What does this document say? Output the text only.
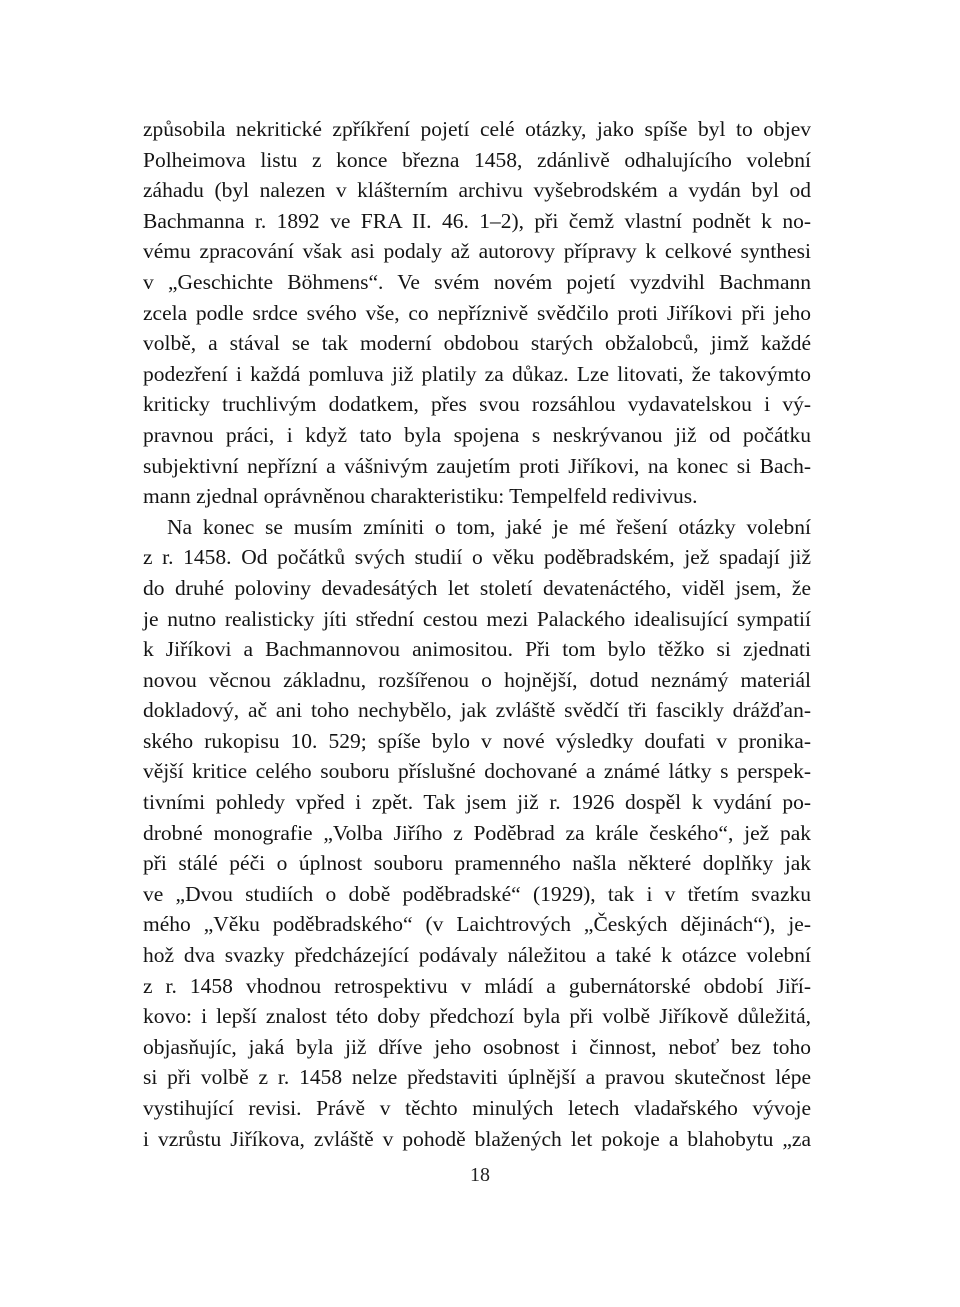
způsobila nekritické zpříkření pojetí celé otázky, jako spíše byl to objev
Polheimova listu z konce března 1458, zdánlivě odhalujícího volební
záhadu (byl nalezen v klášterním archivu vyšebrodském a vydán byl od
Bachmanna r. 1892 ve FRA II. 46. 1–2), při čemž vlastní podnět k no-
vému zpracování však asi podaly až autorovy přípravy k celkové synthesi
v „Geschichte Böhmens“. Ve svém novém pojetí vyzdvihl Bachmann
zcela podle srdce svého vše, co nepříznivě svědčilo proti Jiříkovi při jeho
volbě, a stával se tak moderní obdobou starých obžalobců, jimž každé
podezření i každá pomluva již platily za důkaz. Lze litovati, že takovýmto
kriticky truchlivým dodatkem, přes svou rozsáhlou vydavatelskou i vý-
pravnou práci, i když tato byla spojena s neskrývanou již od počátku
subjektivní nepřízní a vášnivým zaujetím proti Jiříkovi, na konec si Bach-
mann zjednal oprávněnou charakteristiku: Tempelfeld redivivus.
Na konec se musím zmíniti o tom, jaké je mé řešení otázky volební
z r. 1458. Od počátků svých studií o věku poděbradském, jež spadají již
do druhé poloviny devadesátých let století devatenáctého, viděl jsem, že
je nutno realisticky jíti střední cestou mezi Palackého idealisující sympatií
k Jiříkovi a Bachmannovou animositou. Při tom bylo těžko si zjednati
novou věcnou základnu, rozšířenou o hojnější, dotud neznámý materiál
dokladový, ač ani toho nechybělo, jak zvláště svědčí tři fascikly drážďan-
ského rukopisu 10. 529; spíše bylo v nové výsledky doufati v pronika-
vější kritice celého souboru příslušné dochované a známé látky s perspek-
tivními pohledy vpřed i zpět. Tak jsem již r. 1926 dospěl k vydání po-
drobné monografie „Volba Jiřího z Poděbrad za krále českého“, jež pak
při stálé péči o úplnost souboru pramenného našla některé doplňky jak
ve „Dvou studiích o době poděbradské“ (1929), tak i v třetím svazku
mého „Věku poděbradského“ (v Laichtrových „Českých dějinách“), je-
hož dva svazky předcházející podávaly náležitou a také k otázce volební
z r. 1458 vhodnou retrospektivu v mládí a gubernátorské období Jiří-
kovo: i lepší znalost této doby předchozí byla při volbě Jiříkově důležitá,
objasňujíc, jaká byla již dříve jeho osobnost i činnost, neboť bez toho
si při volbě z r. 1458 nelze představiti úplnější a pravou skutečnost lépe
vystihující revisi. Právě v těchto minulých letech vladařského vývoje
i vzrůstu Jiříkova, zvláště v pohodě blažených let pokoje a blahobytu „za
18
